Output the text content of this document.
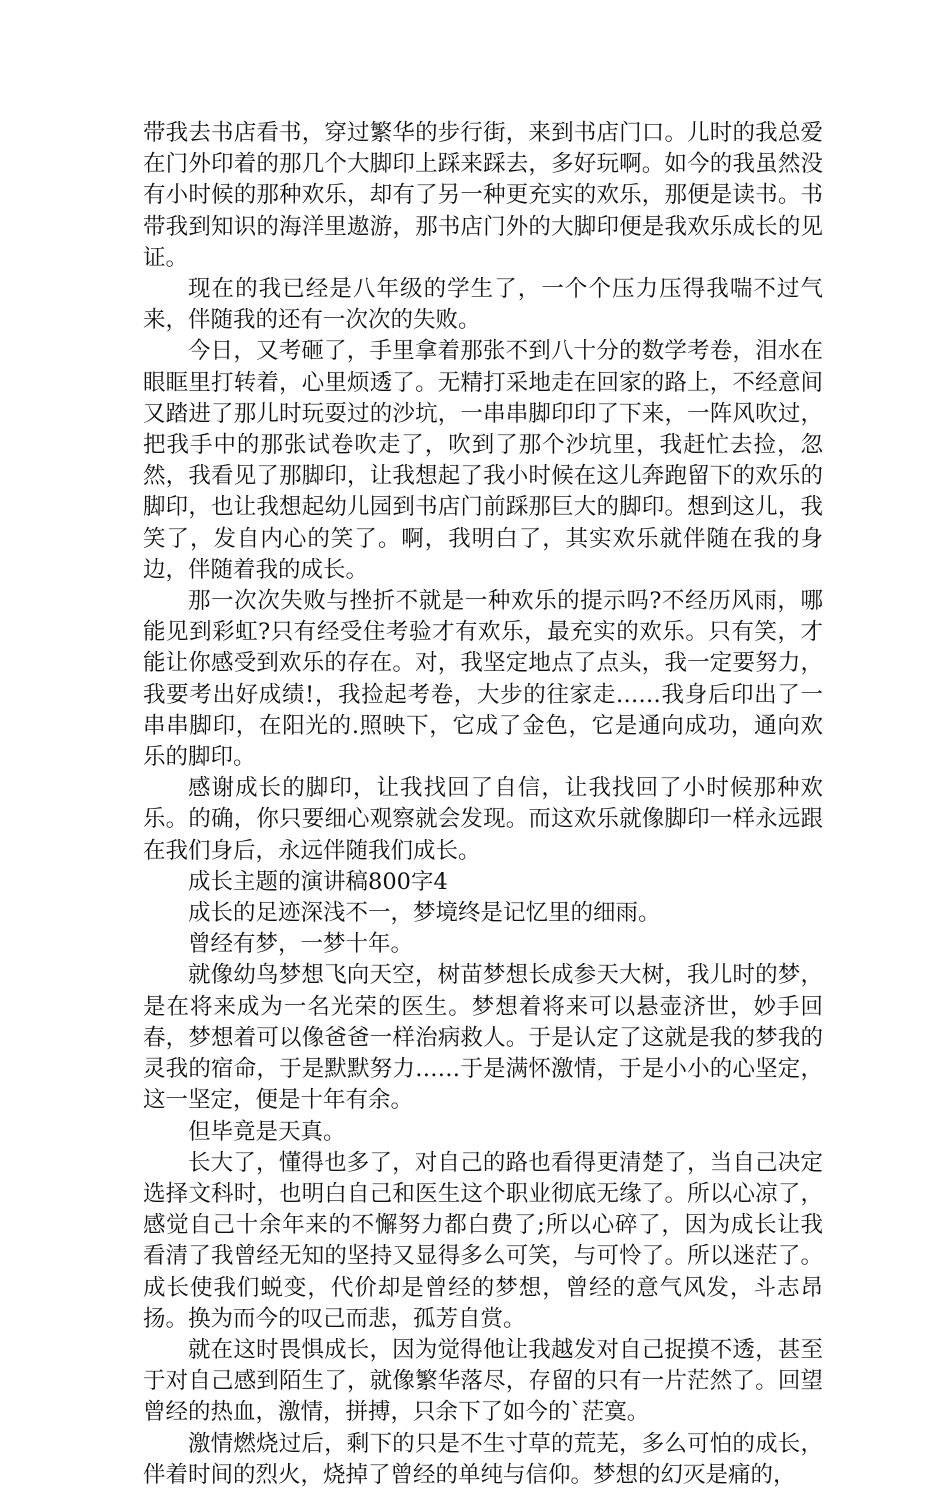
带我去书店看书，穿过繁华的步行街，来到书店门口。儿时的我总爱在门外印着的那几个大脚印上踩来踩去，多好玩啊。如今的我虽然没有小时候的那种欢乐，却有了另一种更充实的欢乐，那便是读书。书带我到知识的海洋里遨游，那书店门外的大脚印便是我欢乐成长的见证。

现在的我已经是八年级的学生了，一个个压力压得我喘不过气来，伴随我的还有一次次的失败。

今日，又考砸了，手里拿着那张不到八十分的数学考卷，泪水在眼眶里打转着，心里烦透了。无精打采地走在回家的路上，不经意间又踏进了那儿时玩耍过的沙坑，一串串脚印印了下来，一阵风吹过，把我手中的那张试卷吹走了，吹到了那个沙坑里，我赶忙去捡，忽然，我看见了那脚印，让我想起了我小时候在这儿奔跑留下的欢乐的脚印，也让我想起幼儿园到书店门前踩那巨大的脚印。想到这儿，我笑了，发自内心的笑了。啊，我明白了，其实欢乐就伴随在我的身边，伴随着我的成长。

那一次次失败与挫折不就是一种欢乐的提示吗?不经历风雨，哪能见到彩虹?只有经受住考验才有欢乐，最充实的欢乐。只有笑，才能让你感受到欢乐的存在。对，我坚定地点了点头，我一定要努力，我要考出好成绩!，我捡起考卷，大步的往家走……我身后印出了一串串脚印，在阳光的.照映下，它成了金色，它是通向成功，通向欢乐的脚印。

感谢成长的脚印，让我找回了自信，让我找回了小时候那种欢乐。的确，你只要细心观察就会发现。而这欢乐就像脚印一样永远跟在我们身后，永远伴随我们成长。

成长主题的演讲稿800字4

成长的足迹深浅不一，梦境终是记忆里的细雨。

曾经有梦，一梦十年。

就像幼鸟梦想飞向天空，树苗梦想长成参天大树，我儿时的梦，是在将来成为一名光荣的医生。梦想着将来可以悬壶济世，妙手回春，梦想着可以像爸爸一样治病救人。于是认定了这就是我的梦我的灵我的宿命，于是默默努力……于是满怀激情，于是小小的心坚定，这一坚定，便是十年有余。

但毕竟是天真。

长大了，懂得也多了，对自己的路也看得更清楚了，当自己决定选择文科时，也明白自己和医生这个职业彻底无缘了。所以心凉了，感觉自己十余年来的不懈努力都白费了;所以心碎了，因为成长让我看清了我曾经无知的坚持又显得多么可笑，与可怜了。所以迷茫了。成长使我们蜕变，代价却是曾经的梦想，曾经的意气风发，斗志昂扬。换为而今的叹己而悲，孤芳自赏。

就在这时畏惧成长，因为觉得他让我越发对自己捉摸不透，甚至于对自己感到陌生了，就像繁华落尽，存留的只有一片茫然了。回望曾经的热血，激情，拼搏，只余下了如今的`茫寞。

激情燃烧过后，剩下的只是不生寸草的荒芜，多么可怕的成长，伴着时间的烈火，烧掉了曾经的单纯与信仰。梦想的幻灭是痛的，
